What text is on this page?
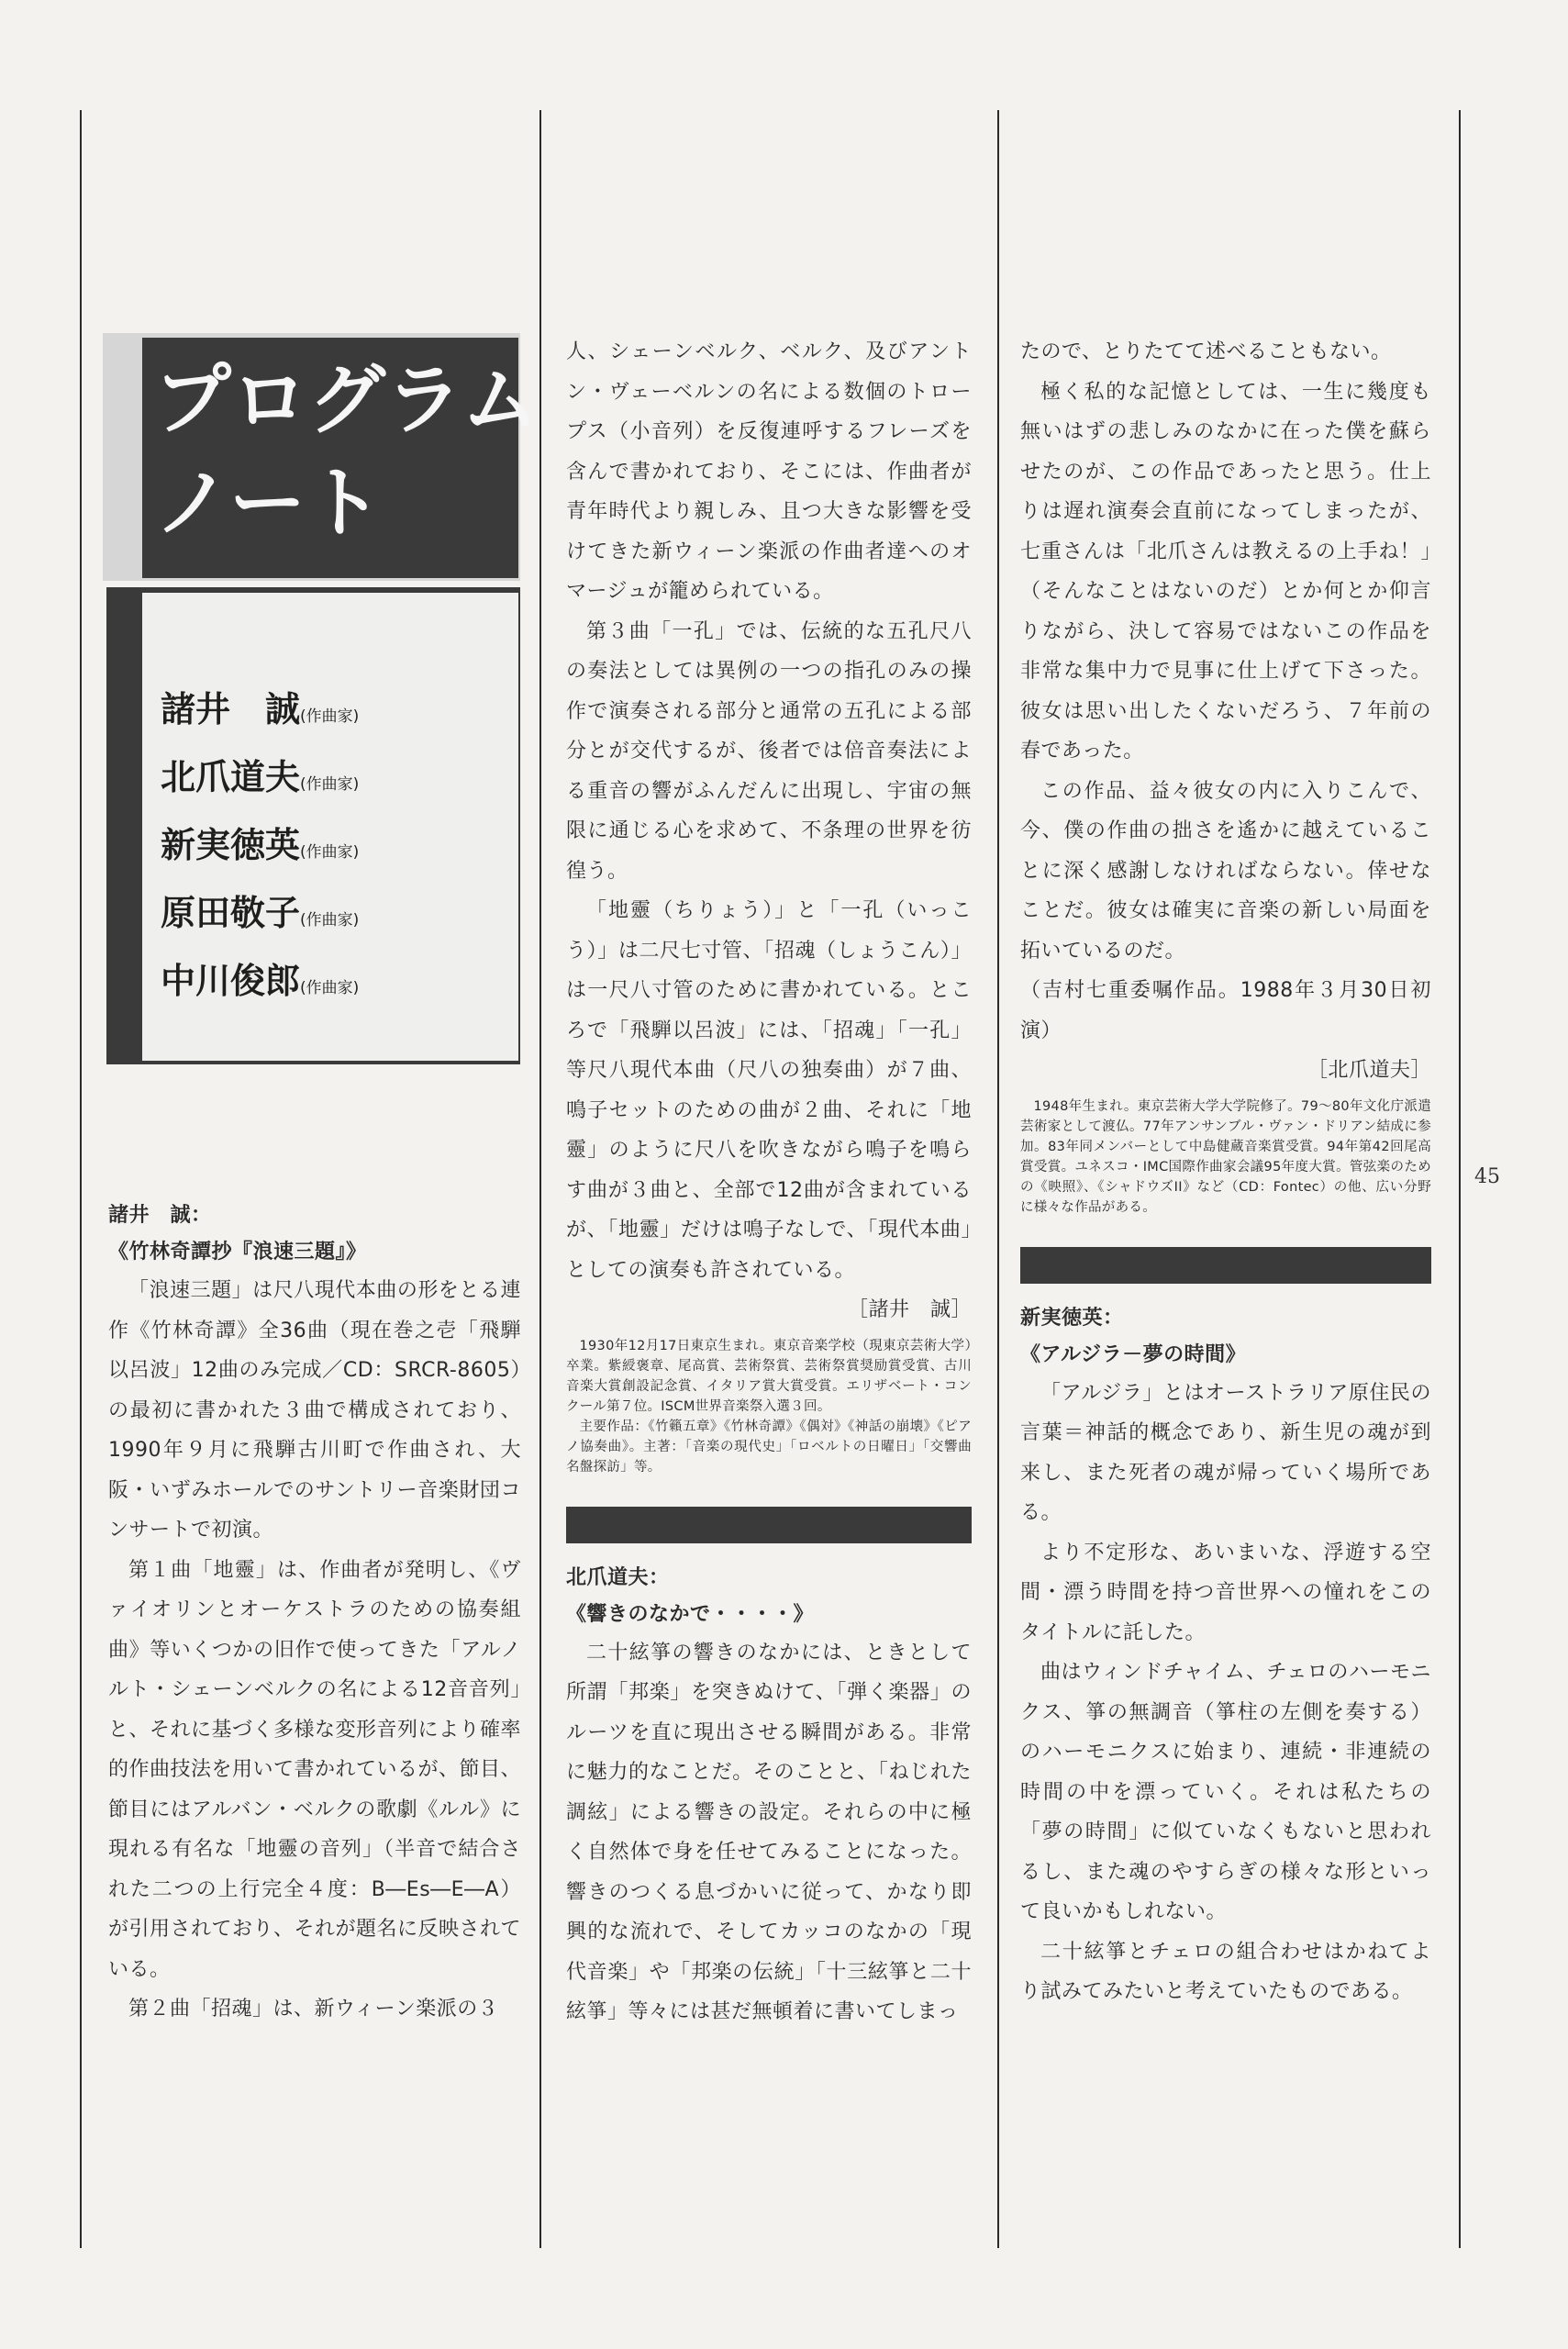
プログラム
ノート
諸井　誠(作曲家)
北爪道夫(作曲家)
新実徳英(作曲家)
原田敬子(作曲家)
中川俊郎(作曲家)

諸井　誠：

《竹林奇譚抄『浪速三題』》

「浪速三題」は尺八現代本曲の形をとる連作《竹林奇譚》全36曲（現在巻之壱「飛騨以呂波」12曲のみ完成／CD：SRCR-8605）の最初に書かれた３曲で構成されており、1990年９月に飛騨古川町で作曲され、大阪・いずみホールでのサントリー音楽財団コンサートで初演。

第１曲「地靈」は、作曲者が発明し、《ヴァイオリンとオーケストラのための協奏組曲》等いくつかの旧作で使ってきた「アルノルト・シェーンベルクの名による12音音列」と、それに基づく多様な変形音列により確率的作曲技法を用いて書かれているが、節目、節目にはアルバン・ベルクの歌劇《ルル》に現れる有名な「地靈の音列」（半音で結合された二つの上行完全４度：B―Es―E―A）が引用されており、それが題名に反映されている。

第２曲「招魂」は、新ウィーン楽派の３

人、シェーンベルク、ベルク、及びアントン・ヴェーベルンの名による数個のトロープス（小音列）を反復連呼するフレーズを含んで書かれており、そこには、作曲者が青年時代より親しみ、且つ大きな影響を受けてきた新ウィーン楽派の作曲者達へのオマージュが籠められている。

第３曲「一孔」では、伝統的な五孔尺八の奏法としては異例の一つの指孔のみの操作で演奏される部分と通常の五孔による部分とが交代するが、後者では倍音奏法による重音の響がふんだんに出現し、宇宙の無限に通じる心を求めて、不条理の世界を彷徨う。

「地靈（ちりょう）」と「一孔（いっこう）」は二尺七寸管、「招魂（しょうこん）」は一尺八寸管のために書かれている。ところで「飛騨以呂波」には、「招魂」「一孔」等尺八現代本曲（尺八の独奏曲）が７曲、鳴子セットのための曲が２曲、それに「地靈」のように尺八を吹きながら鳴子を鳴らす曲が３曲と、全部で12曲が含まれているが、「地靈」だけは鳴子なしで、「現代本曲」としての演奏も許されている。

［諸井　誠］

1930年12月17日東京生まれ。東京音楽学校（現東京芸術大学）卒業。紫綬褒章、尾高賞、芸術祭賞、芸術祭賞奨励賞受賞、古川音楽大賞創設記念賞、イタリア賞大賞受賞。エリザベート・コンクール第７位。ISCM世界音楽祭入選３回。

主要作品：《竹籟五章》《竹林奇譚》《偶対》《神話の崩壊》《ピアノ協奏曲》。主著：「音楽の現代史」「ロベルトの日曜日」「交響曲名盤探訪」等。

北爪道夫：

《響きのなかで・・・・》

二十絃箏の響きのなかには、ときとして所謂「邦楽」を突きぬけて、「弾く楽器」のルーツを直に現出させる瞬間がある。非常に魅力的なことだ。そのことと、「ねじれた調絃」による響きの設定。それらの中に極く自然体で身を任せてみることになった。響きのつくる息づかいに従って、かなり即興的な流れで、そしてカッコのなかの「現代音楽」や「邦楽の伝統」「十三絃箏と二十絃箏」等々には甚だ無頓着に書いてしまっ

たので、とりたてて述べることもない。

極く私的な記憶としては、一生に幾度も無いはずの悲しみのなかに在った僕を蘇らせたのが、この作品であったと思う。仕上りは遅れ演奏会直前になってしまったが、七重さんは「北爪さんは教えるの上手ね！」（そんなことはないのだ）とか何とか仰言りながら、決して容易ではないこの作品を非常な集中力で見事に仕上げて下さった。彼女は思い出したくないだろう、７年前の春であった。

この作品、益々彼女の内に入りこんで、今、僕の作曲の拙さを遙かに越えていることに深く感謝しなければならない。倖せなことだ。彼女は確実に音楽の新しい局面を拓いているのだ。

（吉村七重委嘱作品。1988年３月30日初演）

［北爪道夫］

1948年生まれ。東京芸術大学大学院修了。79〜80年文化庁派遣芸術家として渡仏。77年アンサンブル・ヴァン・ドリアン結成に参加。83年同メンバーとして中島健蔵音楽賞受賞。94年第42回尾高賞受賞。ユネスコ・IMC国際作曲家会議95年度大賞。管弦楽のための《映照》、《シャドウズII》など（CD：Fontec）の他、広い分野に様々な作品がある。

新実徳英：

《アルジラ－夢の時間》

「アルジラ」とはオーストラリア原住民の言葉＝神話的概念であり、新生児の魂が到来し、また死者の魂が帰っていく場所である。

より不定形な、あいまいな、浮遊する空間・漂う時間を持つ音世界への憧れをこのタイトルに託した。

曲はウィンドチャイム、チェロのハーモニクス、箏の無調音（箏柱の左側を奏する）のハーモニクスに始まり、連続・非連続の時間の中を漂っていく。それは私たちの「夢の時間」に似ていなくもないと思われるし、また魂のやすらぎの様々な形といって良いかもしれない。

二十絃箏とチェロの組合わせはかねてより試みてみたいと考えていたものである。

45
